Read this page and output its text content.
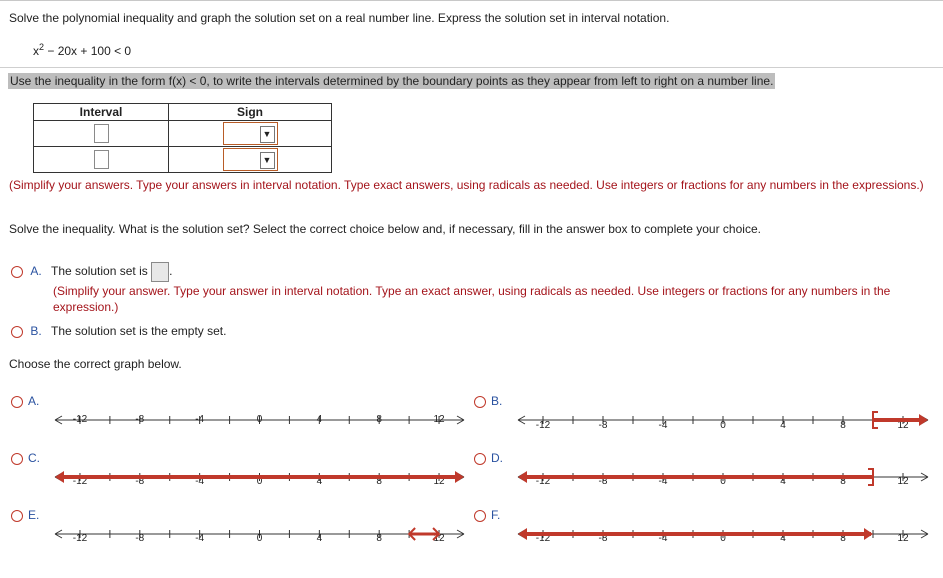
Solve the polynomial inequality and graph the solution set on a real number line. Express the solution set in interval notation.
$x^2 - 20x + 100 < 0$
Use the inequality in the form f(x) < 0, to write the intervals determined by the boundary points as they appear from left to right on a number line.
Interval	Sign

	▼

	▼
(Simplify your answers. Type your answers in interval notation. Type exact answers, using radicals as needed. Use integers or fractions for any numbers in the expressions.)
Solve the inequality. What is the solution set? Select the correct choice below and, if necessary, fill in the answer box to complete your choice.
A. The solution set is .
(Simplify your answer. Type your answer in interval notation. Type an exact answer, using radicals as needed. Use integers or fractions for any numbers in the expression.)
B. The solution set is the empty set.
Choose the correct graph below.
A.
-12	-8	-4	0	4	8	12
B.
-12	-8	-4	0	4	8	12
C.
-12	-8	-4	0	4	8	12
D.
-12	-8	-4	0	4	8	12
E.
-12	-8	-4	0	4	8	12
F.
-12	-8	-4	0	4	8	12
